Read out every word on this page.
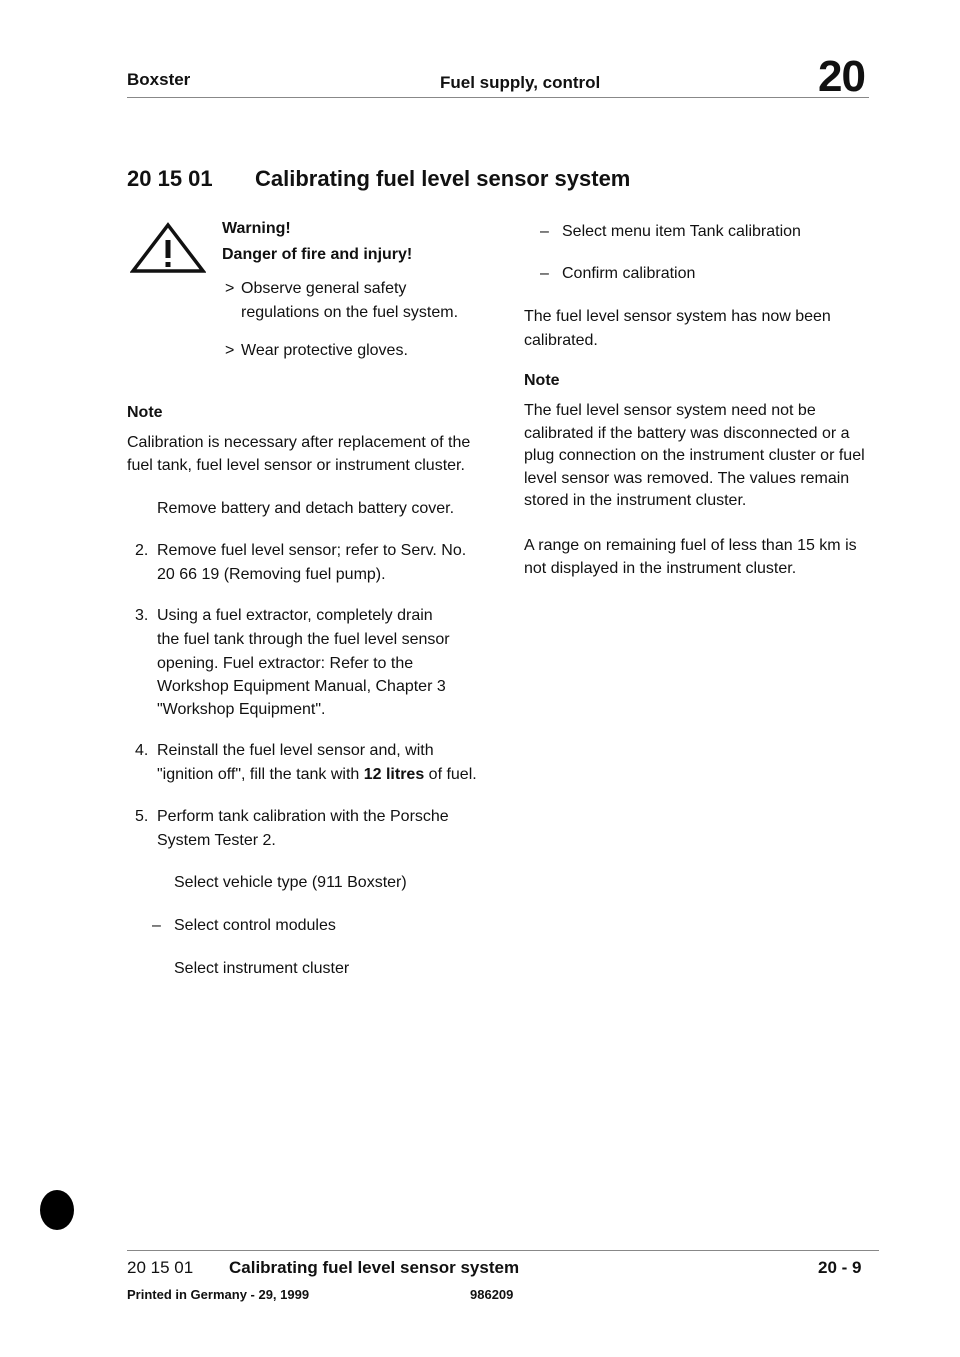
Boxster	Fuel supply, control	20
20 15 01 Calibrating fuel level sensor system
Warning!
Danger of fire and injury!
> Observe general safety
regulations on the fuel system.
> Wear protective gloves.
Note
Calibration is necessary after replacement of the
fuel tank, fuel level sensor or instrument cluster.
Remove battery and detach battery cover.
2. Remove fuel level sensor; refer to Serv. No.
20 66 19 (Removing fuel pump).
3. Using a fuel extractor, completely drain
the fuel tank through the fuel level sensor
opening. Fuel extractor: Refer to the
Workshop Equipment Manual, Chapter 3
"Workshop Equipment".
4. Reinstall the fuel level sensor and, with
"ignition off", fill the tank with 12 litres of fuel.
5. Perform tank calibration with the Porsche
System Tester 2.
Select vehicle type (911 Boxster)
– Select control modules
Select instrument cluster
– Select menu item Tank calibration
– Confirm calibration
The fuel level sensor system has now been
calibrated.
Note
The fuel level sensor system need not be
calibrated if the battery was disconnected or a
plug connection on the instrument cluster or fuel
level sensor was removed. The values remain
stored in the instrument cluster.
A range on remaining fuel of less than 15 km is
not displayed in the instrument cluster.
20 15 01 Calibrating fuel level sensor system	20 - 9
Printed in Germany - 29, 1999	986209
